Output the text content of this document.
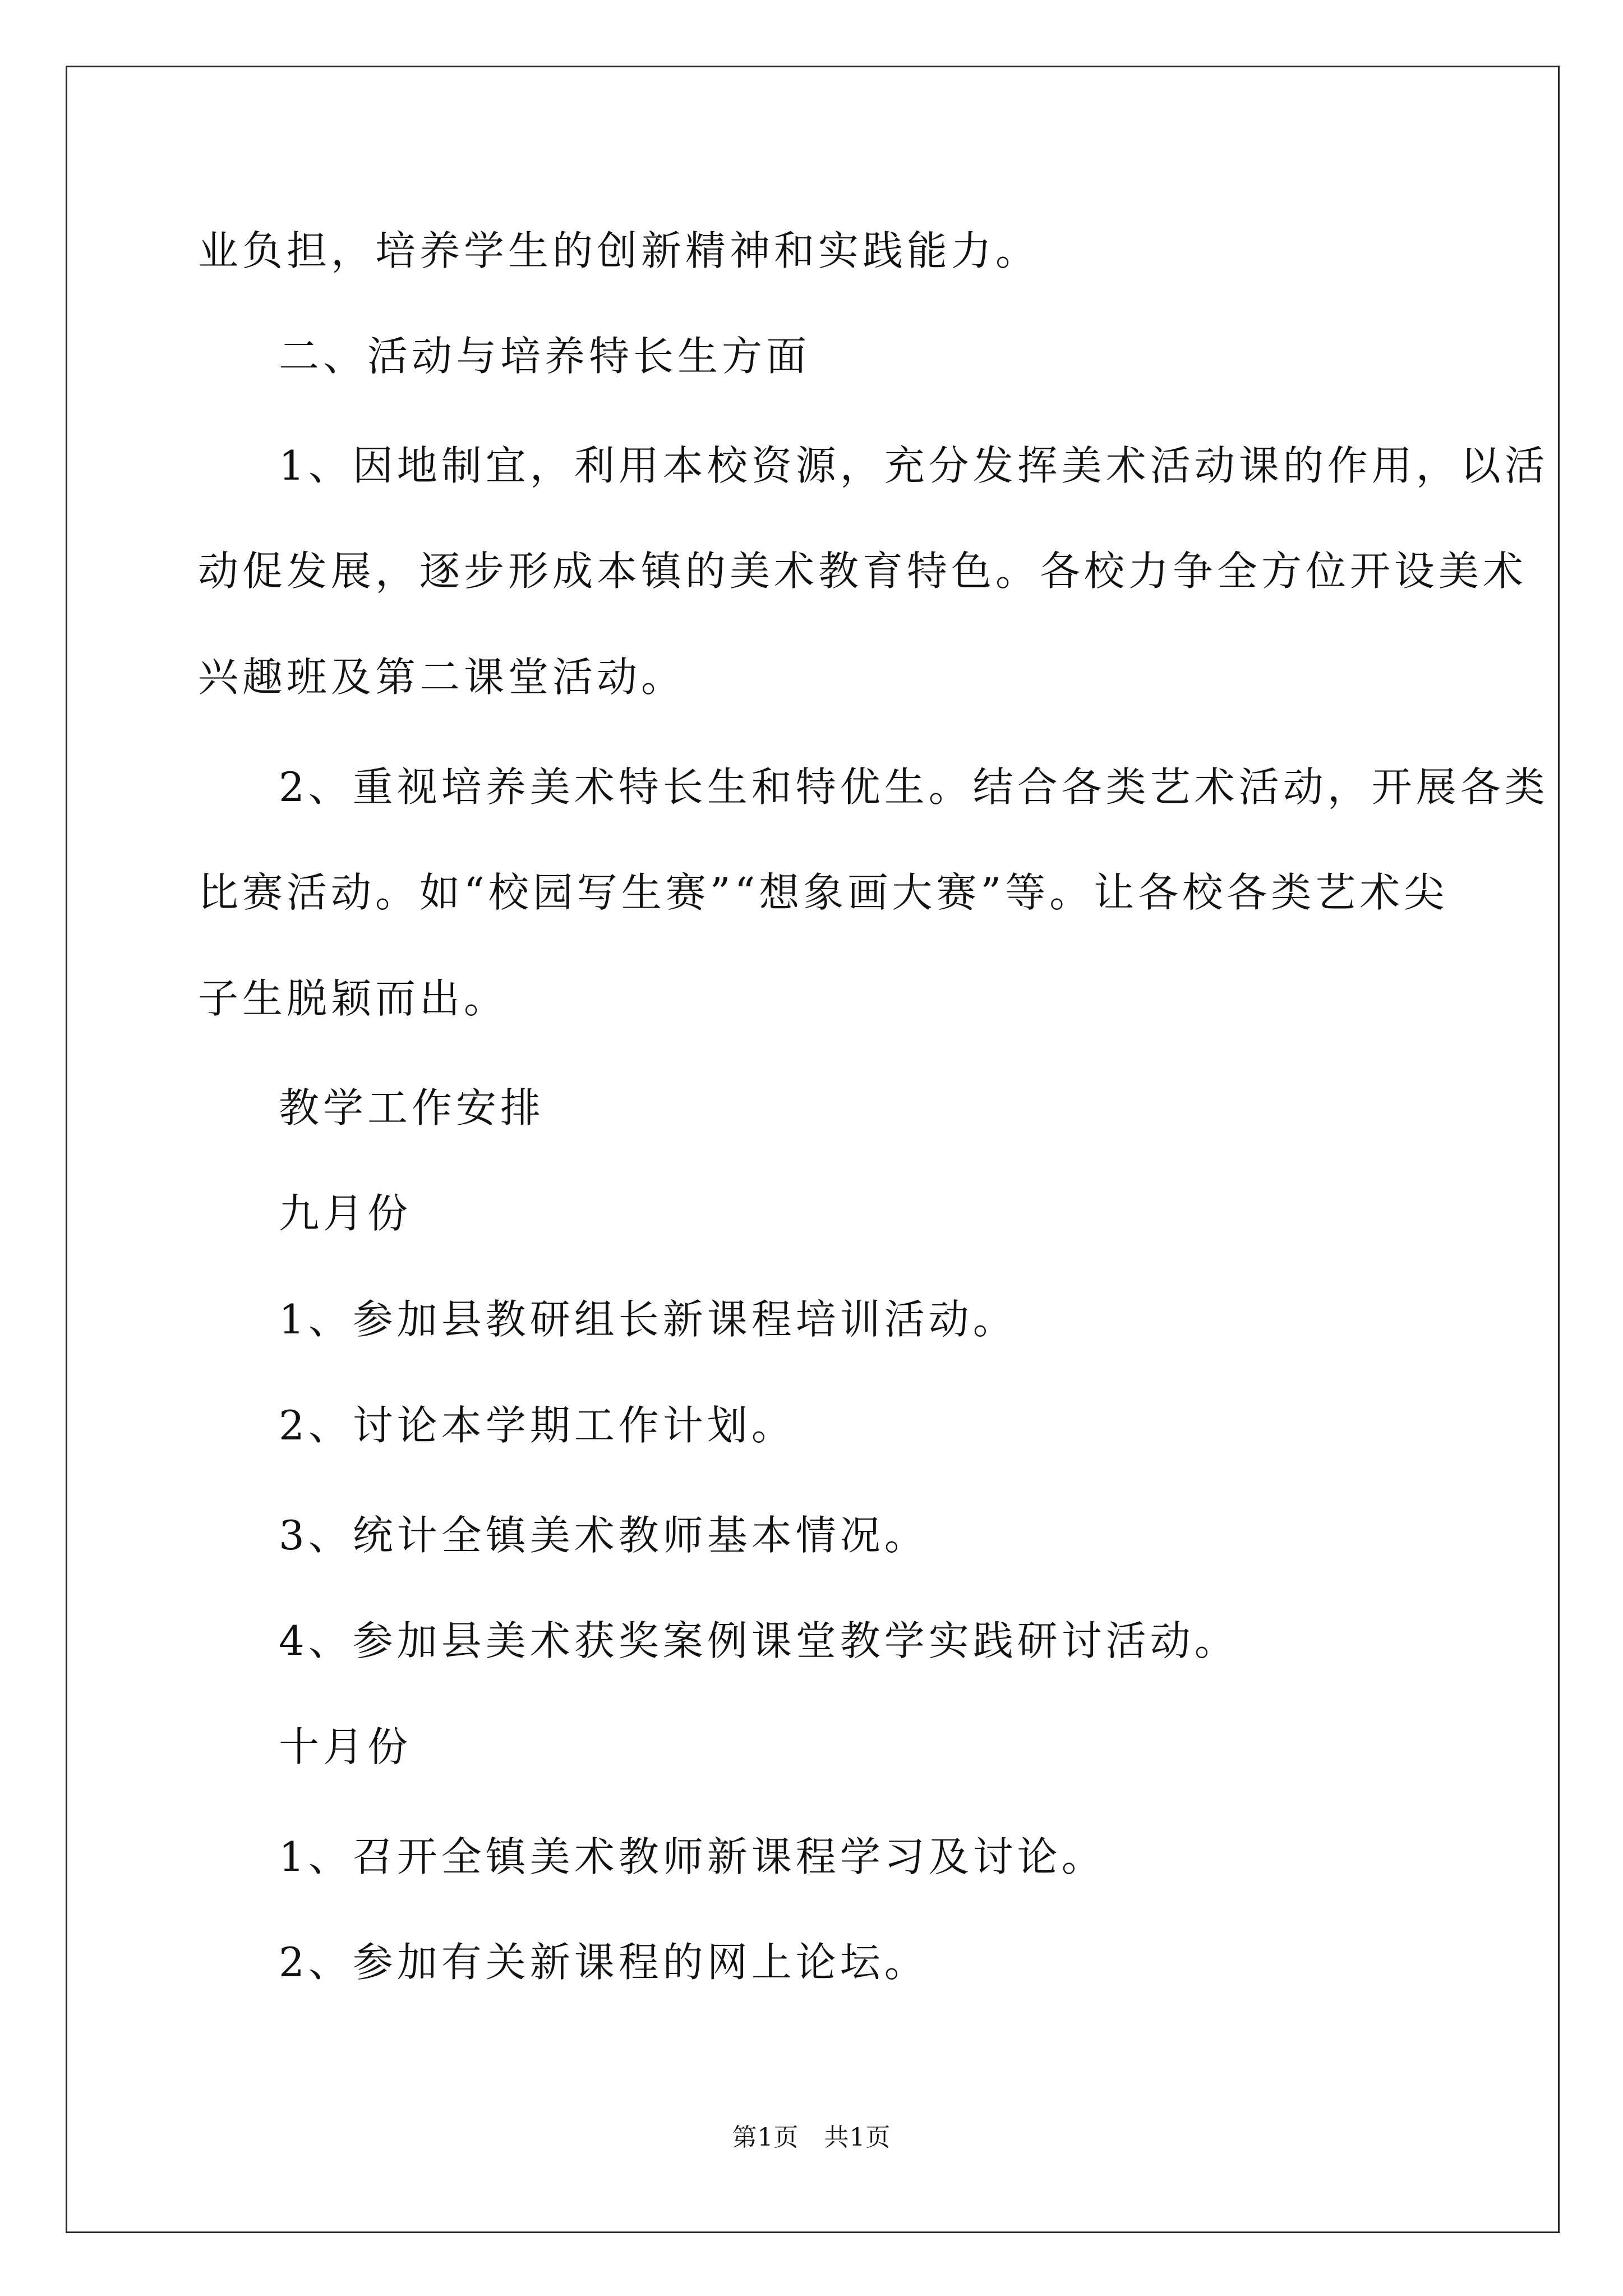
业负担，培养学生的创新精神和实践能力。
二、活动与培养特长生方面
1、因地制宜，利用本校资源，充分发挥美术活动课的作用，以活
动促发展，逐步形成本镇的美术教育特色。各校力争全方位开设美术
兴趣班及第二课堂活动。
2、重视培养美术特长生和特优生。结合各类艺术活动，开展各类
比赛活动。如“校园写生赛”“想象画大赛”等。让各校各类艺术尖
子生脱颖而出。
教学工作安排
九月份
1、参加县教研组长新课程培训活动。
2、讨论本学期工作计划。
3、统计全镇美术教师基本情况。
4、参加县美术获奖案例课堂教学实践研讨活动。
十月份
1、召开全镇美术教师新课程学习及讨论。
2、参加有关新课程的网上论坛。
第1页　共1页
